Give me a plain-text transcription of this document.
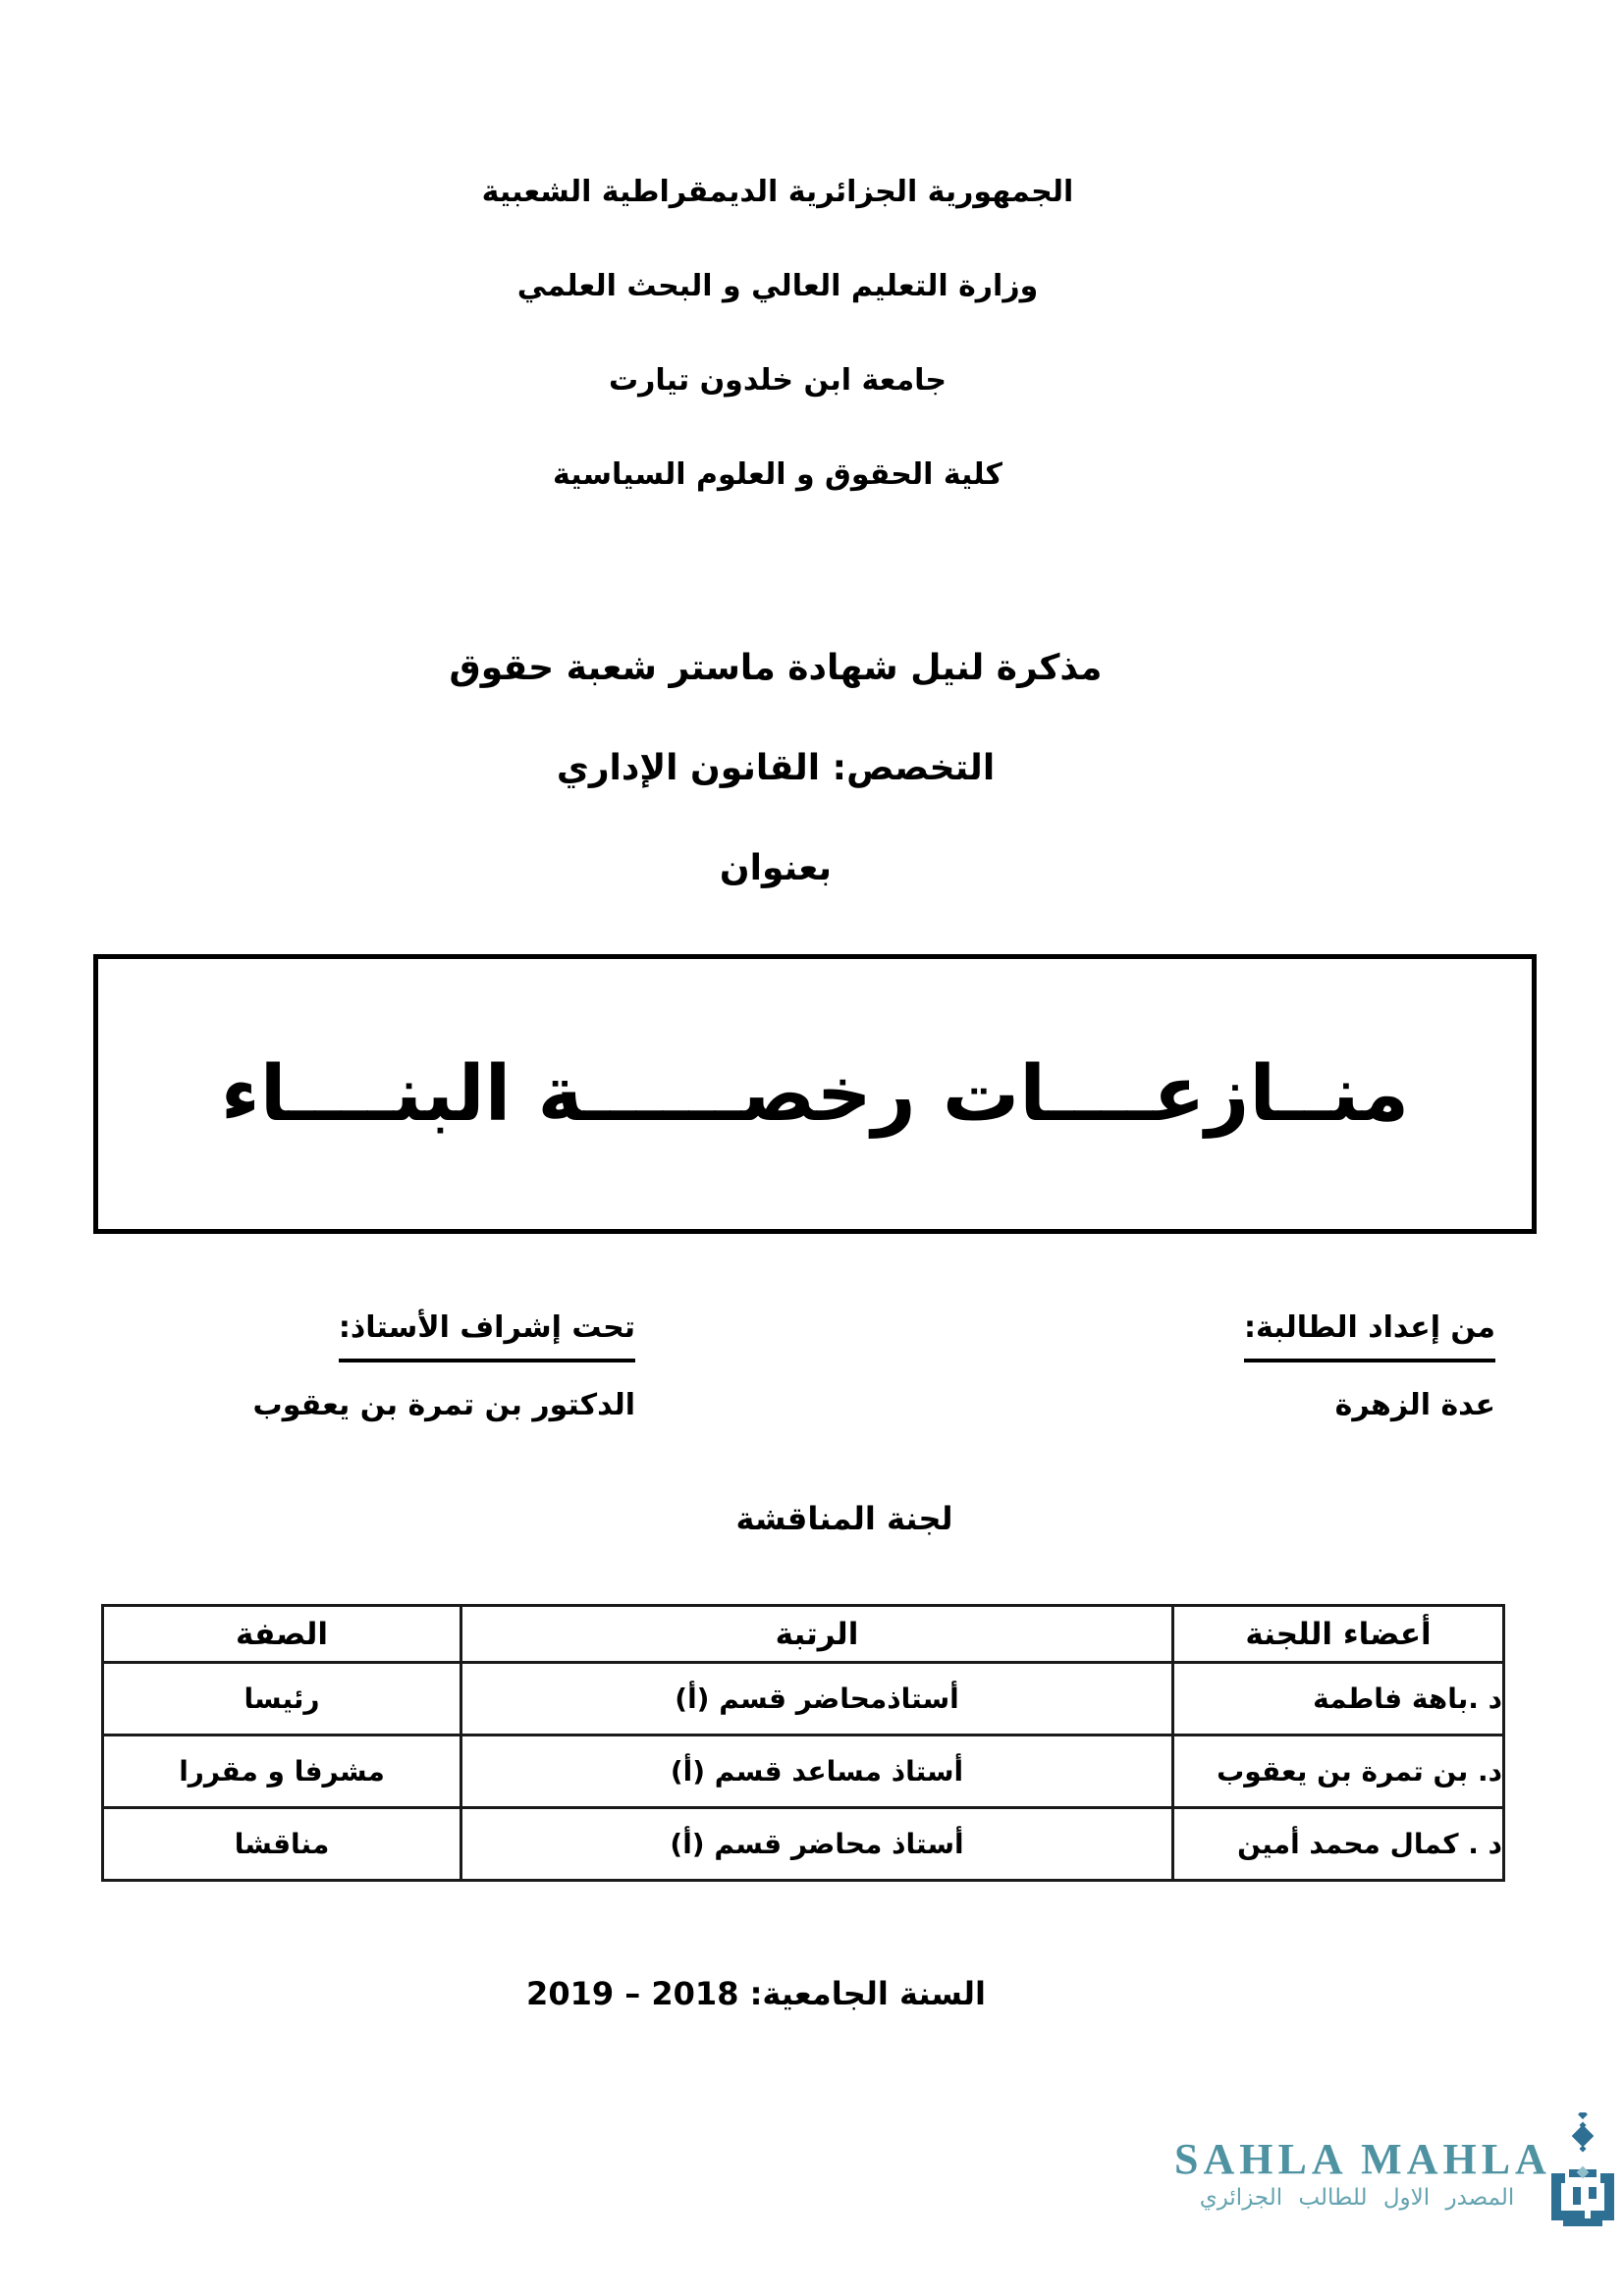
الجمهورية الجزائرية الديمقراطية الشعبية
وزارة التعليم العالي و البحث العلمي
جامعة ابن خلدون تيارت
كلية الحقوق و العلوم السياسية
مذكرة لنيل شهادة ماستر شعبة حقوق
التخصص: القانون الإداري
بعنوان
منــازعــــات رخصــــــة البنــــاء
من إعداد الطالبة:
عدة الزهرة
تحت إشراف الأستاذ:
الدكتور بن تمرة بن يعقوب
لجنة المناقشة
أعضاء اللجنة	الرتبة	الصفة
د .باهة فاطمة	أستاذمحاضر قسم (أ)	رئيسا
د. بن تمرة بن يعقوب	أستاذ مساعد قسم (أ)	مشرفا و مقررا
د . كمال محمد أمين	أستاذ محاضر قسم (أ)	مناقشا
السنة الجامعية: 2018 – 2019
SAHLA MAHLA
المصدر الاول للطالب الجزائري
